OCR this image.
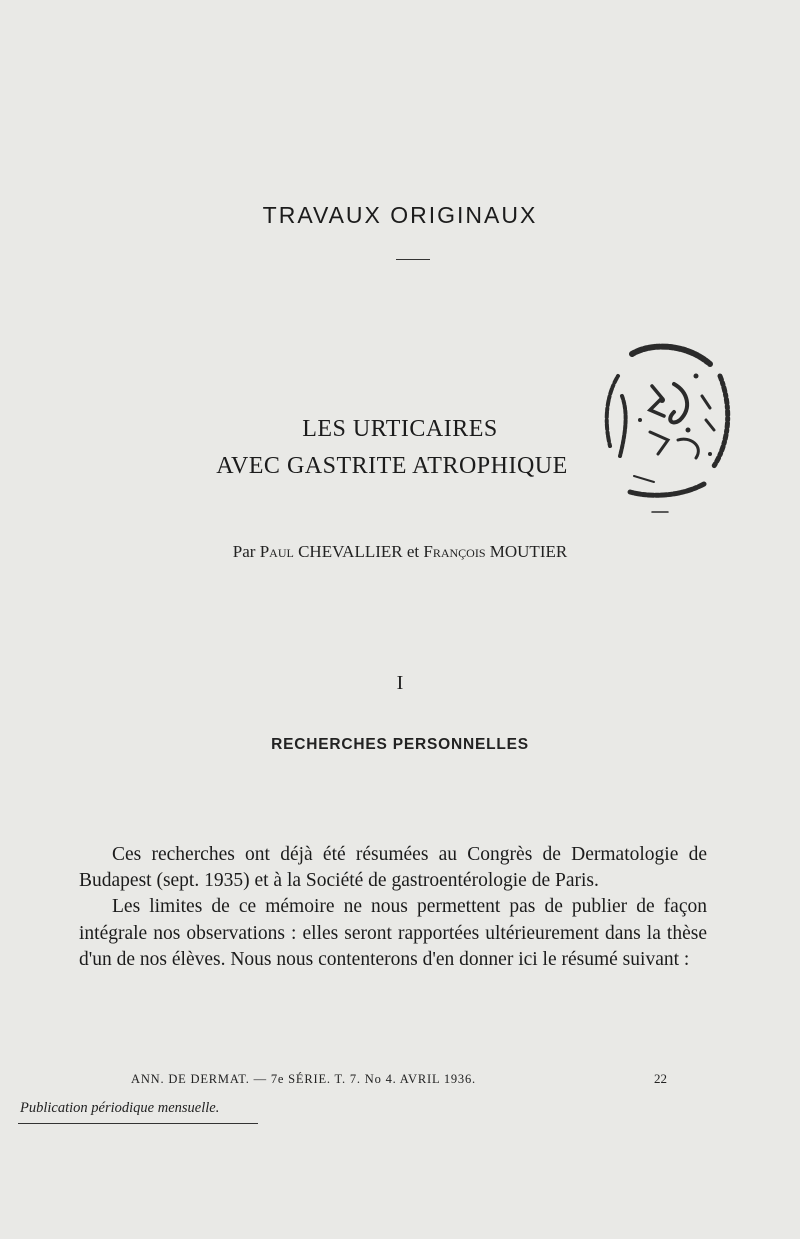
TRAVAUX ORIGINAUX
LES URTICAIRES
AVEC GASTRITE ATROPHIQUE
Par Paul CHEVALLIER et François MOUTIER
I
RECHERCHES PERSONNELLES

Ces recherches ont déjà été résumées au Congrès de Dermatologie de Budapest (sept. 1935) et à la Société de gastroentérologie de Paris.

Les limites de ce mémoire ne nous permettent pas de publier de façon intégrale nos observations : elles seront rapportées ultérieurement dans la thèse d'un de nos élèves. Nous nous contenterons d'en donner ici le résumé suivant :

ANN. DE DERMAT. — 7e SÉRIE. T. 7. No 4. AVRIL 1936.	22
Publication périodique mensuelle.
